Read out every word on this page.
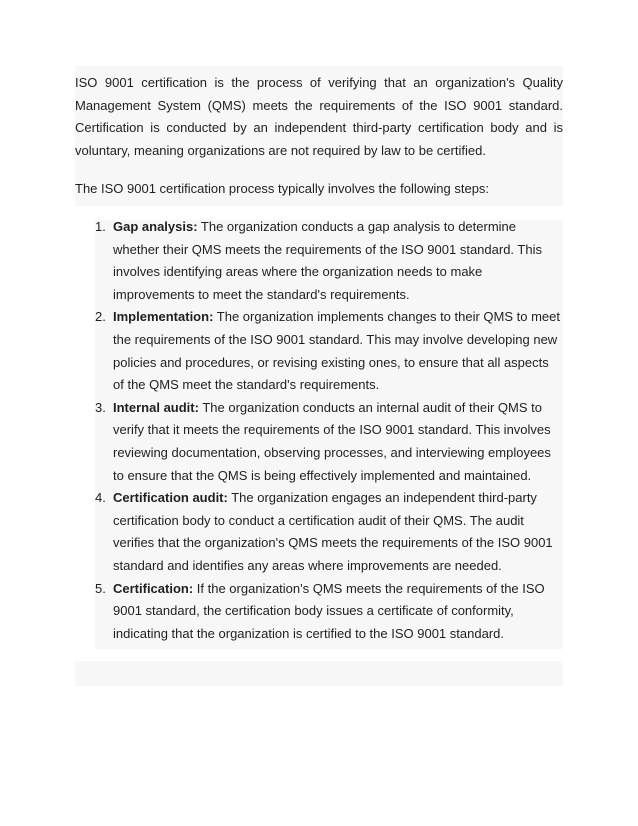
ISO 9001 certification is the process of verifying that an organization's Quality Management System (QMS) meets the requirements of the ISO 9001 standard. Certification is conducted by an independent third-party certification body and is voluntary, meaning organizations are not required by law to be certified.

The ISO 9001 certification process typically involves the following steps:

1. Gap analysis: The organization conducts a gap analysis to determine whether their QMS meets the requirements of the ISO 9001 standard. This involves identifying areas where the organization needs to make improvements to meet the standard's requirements.
2. Implementation: The organization implements changes to their QMS to meet the requirements of the ISO 9001 standard. This may involve developing new policies and procedures, or revising existing ones, to ensure that all aspects of the QMS meet the standard's requirements.
3. Internal audit: The organization conducts an internal audit of their QMS to verify that it meets the requirements of the ISO 9001 standard. This involves reviewing documentation, observing processes, and interviewing employees to ensure that the QMS is being effectively implemented and maintained.
4. Certification audit: The organization engages an independent third-party certification body to conduct a certification audit of their QMS. The audit verifies that the organization's QMS meets the requirements of the ISO 9001 standard and identifies any areas where improvements are needed.
5. Certification: If the organization's QMS meets the requirements of the ISO 9001 standard, the certification body issues a certificate of conformity, indicating that the organization is certified to the ISO 9001 standard.
